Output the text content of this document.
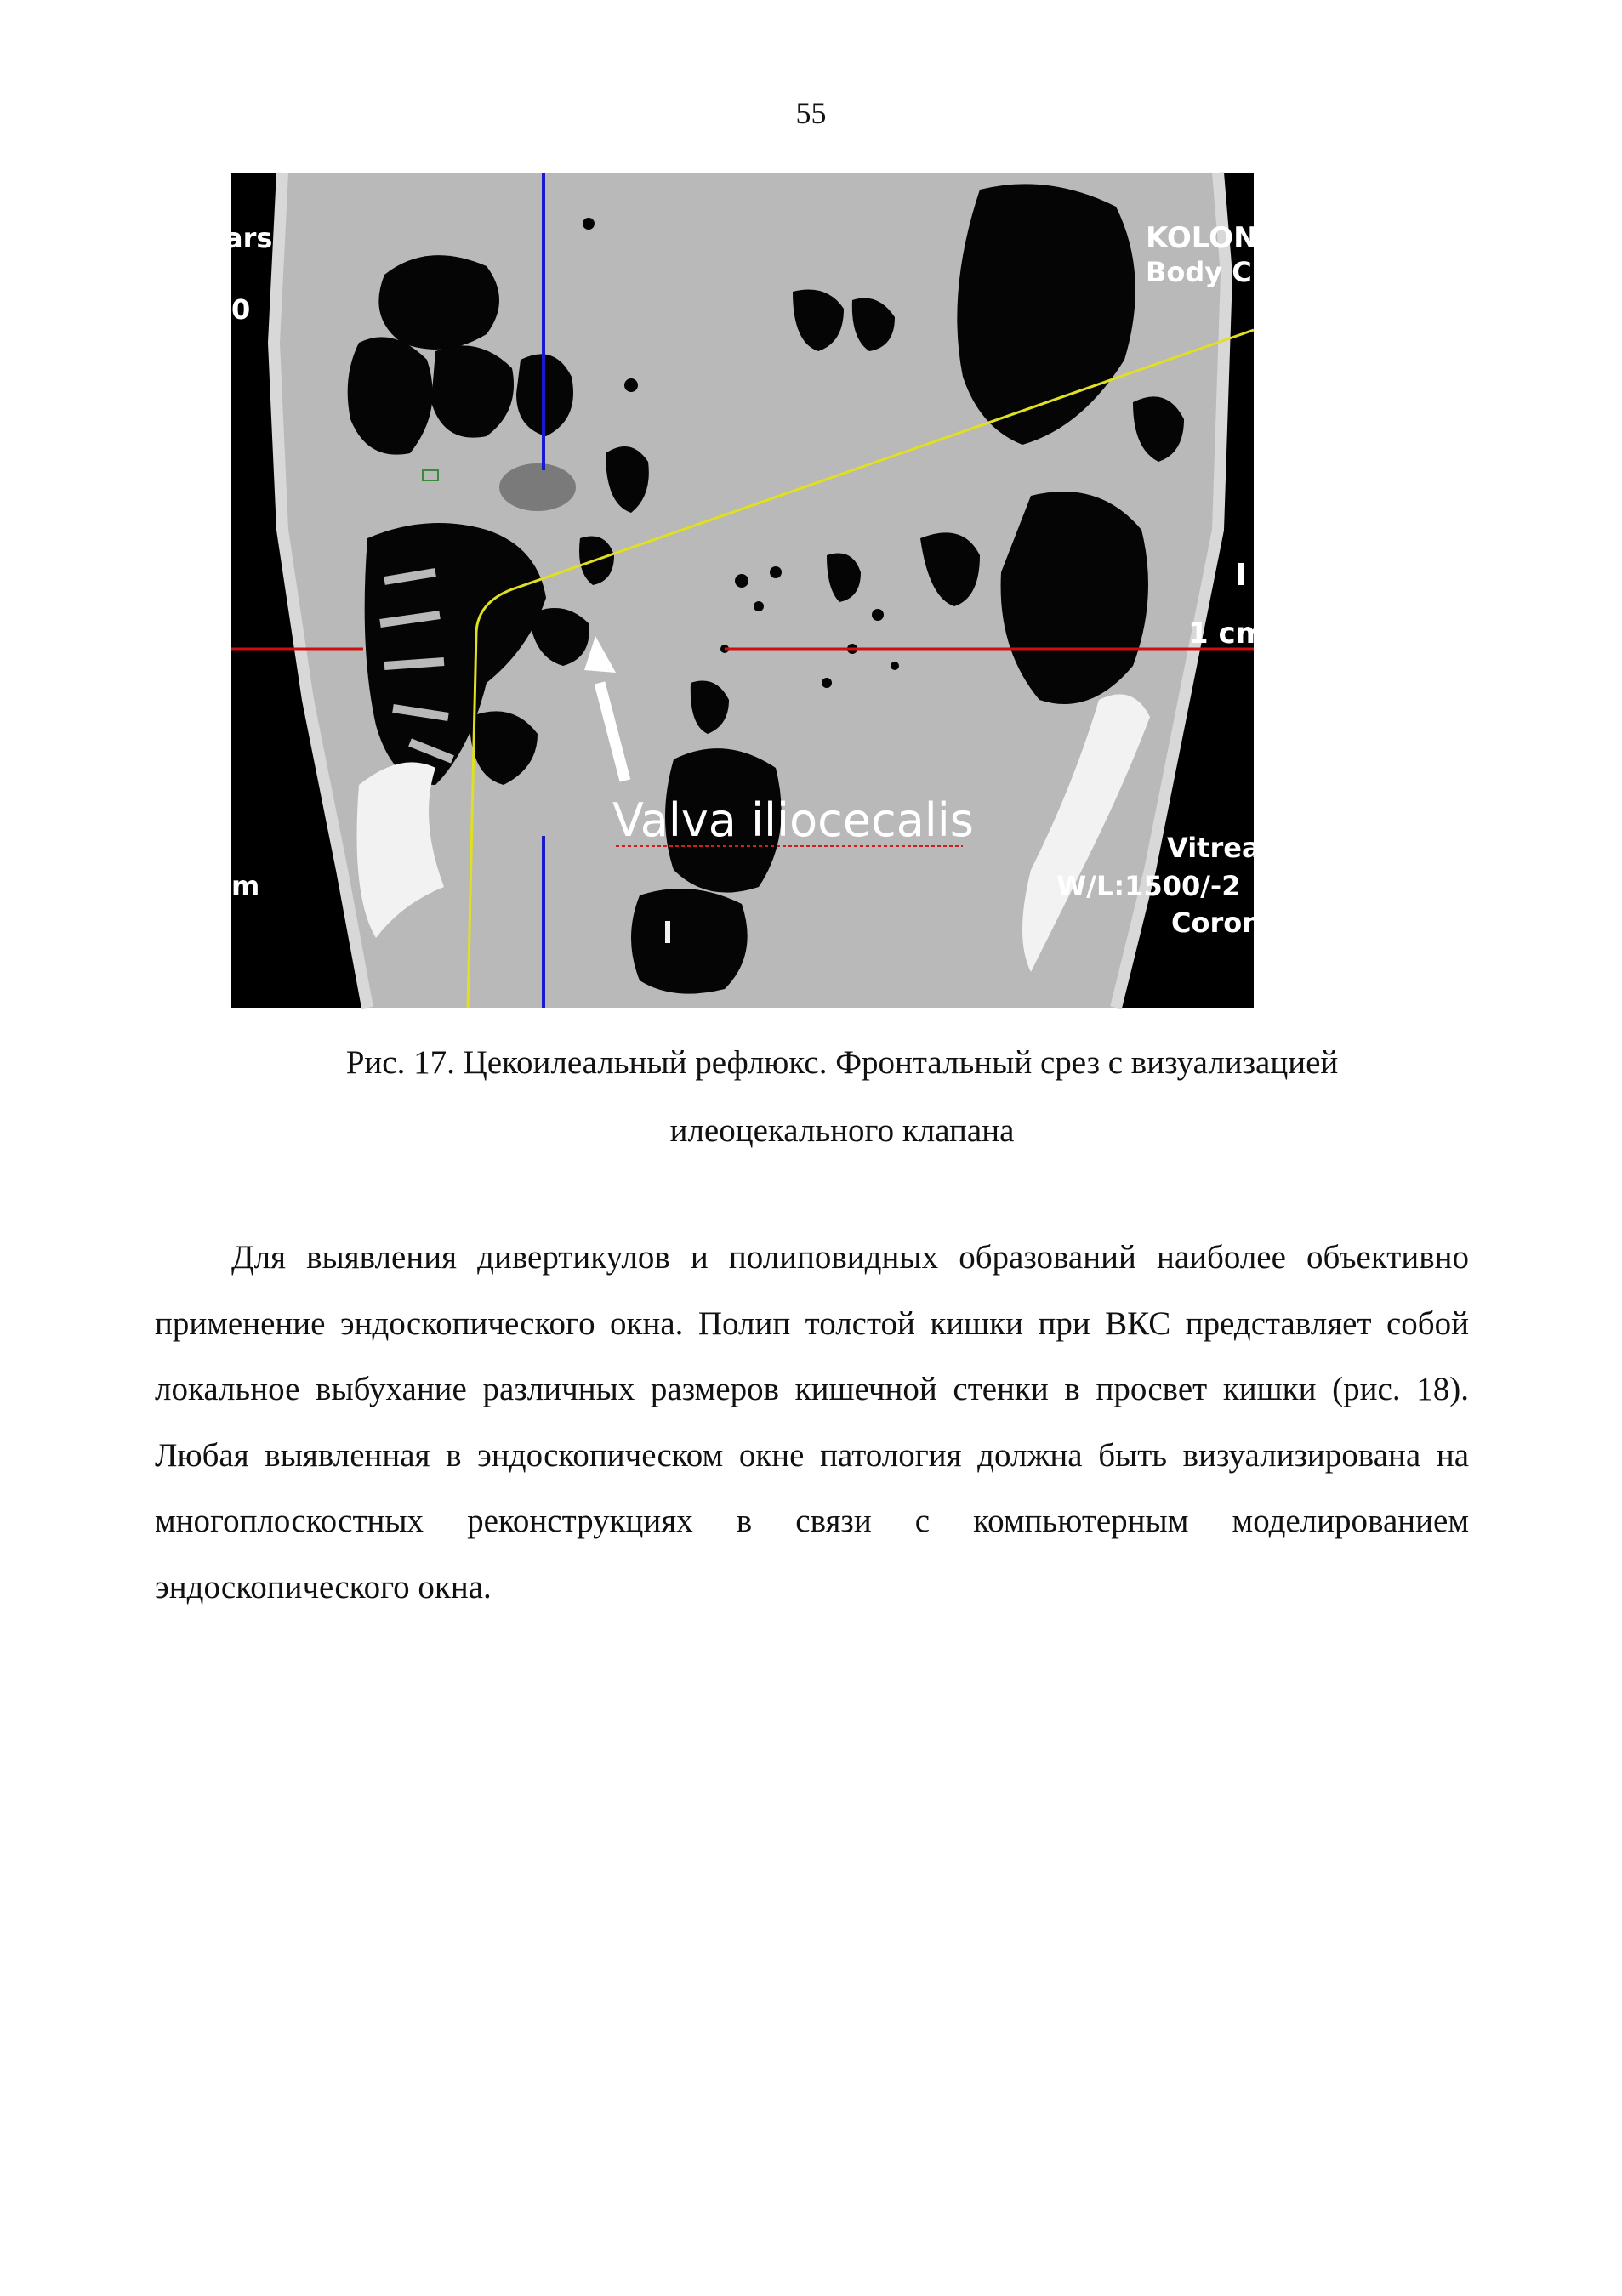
55
Valva iliocecalis
ars
0
m
KOLON
Body C
I
1 cm
Vitrea
W/L:1500/-2
Coron
Рис. 17. Цекоилеальный рефлюкс. Фронтальный срез с визуализацией
илеоцекального клапана

Для выявления дивертикулов и полиповидных образований наиболее объективно применение эндоскопического окна. Полип толстой кишки при ВКС представляет собой локальное выбухание различных размеров кишечной стенки в просвет кишки (рис. 18). Любая выявленная в эндоскопическом окне патология должна быть визуализирована на многоплоскостных реконструкциях в связи с компьютерным моделированием эндоскопического окна.
